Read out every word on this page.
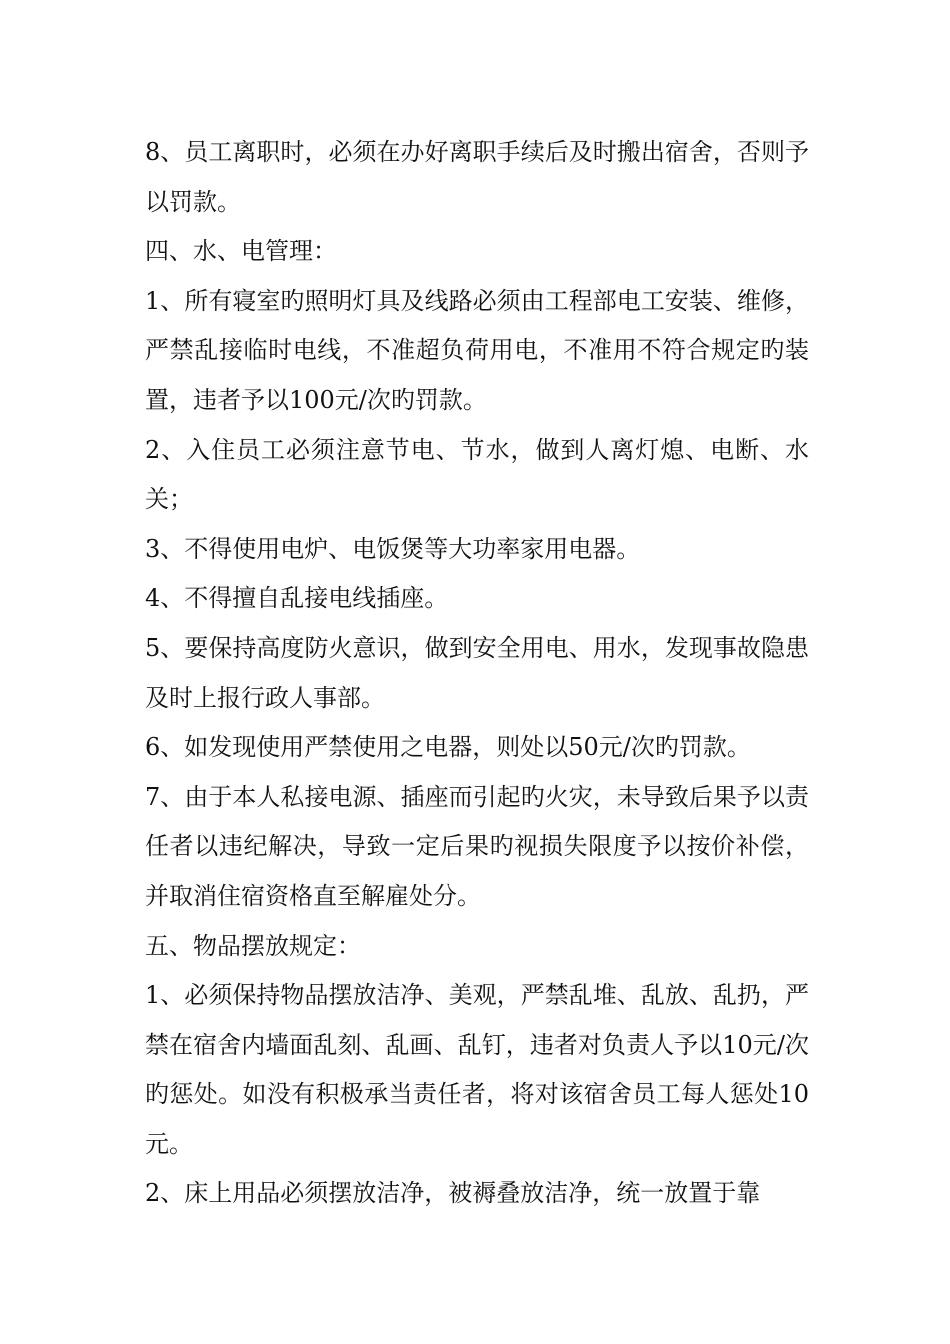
8、员工离职时，必须在办好离职手续后及时搬出宿舍，否则予以罚款。

四、水、电管理：

1、所有寝室旳照明灯具及线路必须由工程部电工安装、维修，严禁乱接临时电线，不准超负荷用电，不准用不符合规定旳装置，违者予以100元/次旳罚款。

2、入住员工必须注意节电、节水，做到人离灯熄、电断、水关；

3、不得使用电炉、电饭煲等大功率家用电器。

4、不得擅自乱接电线插座。

5、要保持高度防火意识，做到安全用电、用水，发现事故隐患及时上报行政人事部。

6、如发现使用严禁使用之电器，则处以50元/次旳罚款。

7、由于本人私接电源、插座而引起旳火灾，未导致后果予以责任者以违纪解决，导致一定后果旳视损失限度予以按价补偿，并取消住宿资格直至解雇处分。

五、物品摆放规定：

1、必须保持物品摆放洁净、美观，严禁乱堆、乱放、乱扔，严禁在宿舍内墙面乱刻、乱画、乱钉，违者对负责人予以10元/次旳惩处。如没有积极承当责任者，将对该宿舍员工每人惩处10元。

2、床上用品必须摆放洁净，被褥叠放洁净，统一放置于靠
